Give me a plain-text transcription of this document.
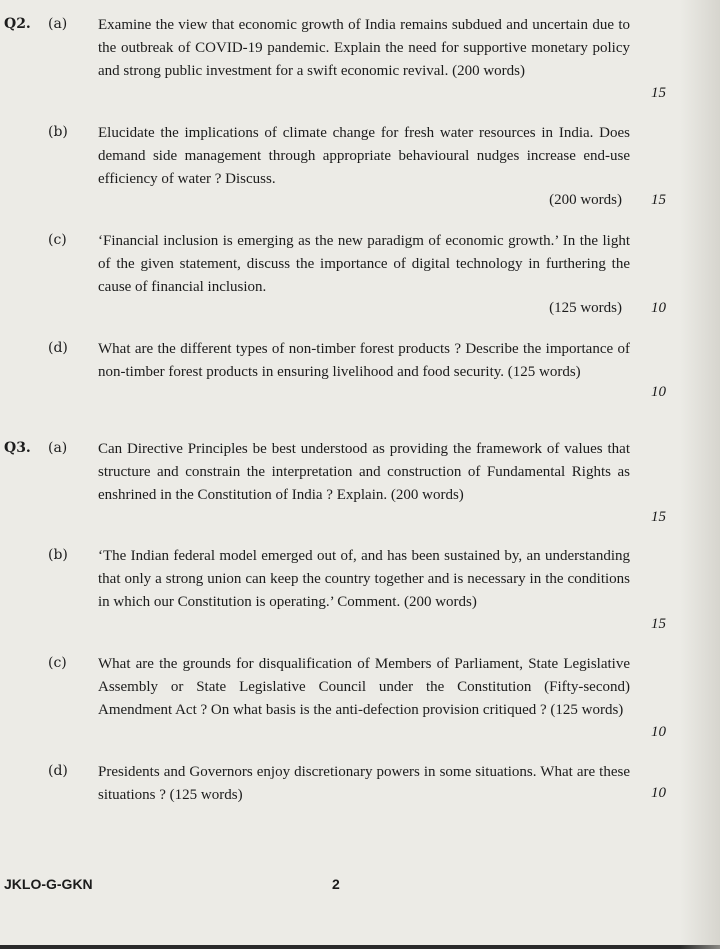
Q2. (a) Examine the view that economic growth of India remains subdued and uncertain due to the outbreak of COVID-19 pandemic. Explain the need for supportive monetary policy and strong public investment for a swift economic revival. (200 words)
15
(b) Elucidate the implications of climate change for fresh water resources in India. Does demand side management through appropriate behavioural nudges increase end-use efficiency of water ? Discuss.
(200 words)	15
(c) ‘Financial inclusion is emerging as the new paradigm of economic growth.’ In the light of the given statement, discuss the importance of digital technology in furthering the cause of financial inclusion.
(125 words)	10
(d) What are the different types of non-timber forest products ? Describe the importance of non-timber forest products in ensuring livelihood and food security. (125 words)
10
Q3. (a) Can Directive Principles be best understood as providing the framework of values that structure and constrain the interpretation and construction of Fundamental Rights as enshrined in the Constitution of India ? Explain. (200 words)
15
(b) ‘The Indian federal model emerged out of, and has been sustained by, an understanding that only a strong union can keep the country together and is necessary in the conditions in which our Constitution is operating.’ Comment. (200 words)
15
(c) What are the grounds for disqualification of Members of Parliament, State Legislative Assembly or State Legislative Council under the Constitution (Fifty-second) Amendment Act ? On what basis is the anti-defection provision critiqued ? (125 words)
10
(d) Presidents and Governors enjoy discretionary powers in some situations. What are these situations ? (125 words)	10
JKLO-G-GKN	2
